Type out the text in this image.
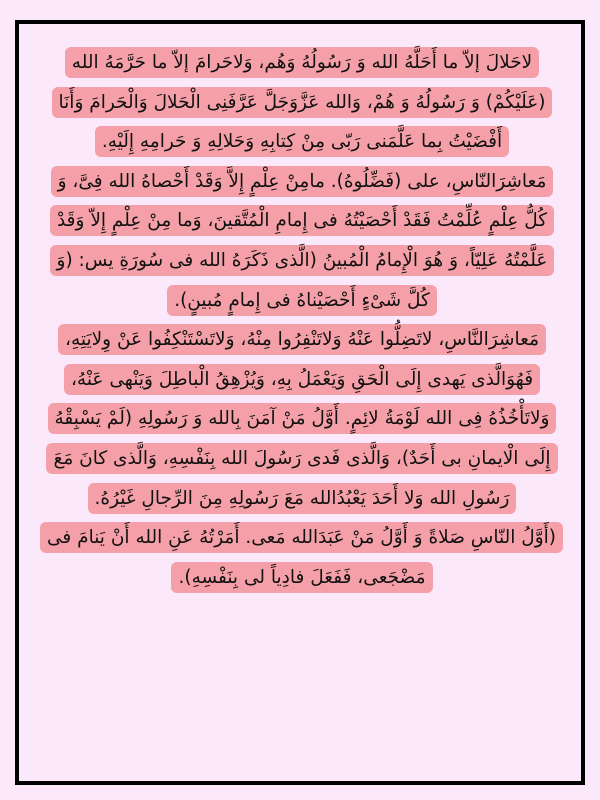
لاحَلالَ إلاّ ما أَحَلَّهُ الله وَ رَسُولُهُ وَهُم، وَلاحَرامَ إلاّ ما حَرَّمَهُ الله (عَلَيْكُمْ) وَ رَسُولُهُ وَ هُمْ، وَالله عَزَّوَجَلَّ عَرَّفَنِى الْحَلالَ وَالْحَرامَ وَأَنَا أَفْضَيْتُ بِما عَلَّمَنى رَبّى مِنْ كِتابِهِ وَحَلالِهِ وَ حَرامِهِ إِلَيْهِ.

مَعاشِرَالنّاسِ، على (فَضِّلُوهُ). مامِنْ عِلْمٍ إِلاَّ وَقَدْ أَحْصاهُ الله فِىَّ، وَ كُلُّ عِلْمٍ عُلِّمْتُ فَقَدْ أَحْصَيْتُهُ فى إِمامِ الْمُتَّقينَ، وَما مِنْ عِلْمٍ إِلاّ وَقَدْ عَلَّمْتُهُ عَلِيّاً، وَ هُوَ الْإِمامُ الْمُبينُ (الَّذى ذَكَرَهُ الله فى سُورَةِ يس: (وَ كُلَّ شَىْءٍ أَحْصَيْناهُ فى إِمامٍ مُبينٍ).

مَعاشِرَالنَّاسِ، لاتَضِلُّوا عَنْهُ وَلاتَنْفِرُوا مِنْهُ، وَلاتَسْتَنْكِفُوا عَنْ وِلايَتِهِ، فَهُوَالَّذى يَهدى إِلَى الْحَقِ وَيَعْمَلُ بِهِ، وَيُزْهِقُ الْباطِلَ وَيَنْهى عَنْهُ، وَلاتَأْخُذُهُ فِى الله لَوْمَةُ لائِمٍ. أَوَّلُ مَنْ آمَنَ بِالله وَ رَسُولِهِ (لَمْ يَسْبِقْهُ إِلَى الْايمانِ بى أَحَدٌ)، وَالَّذى فَدى رَسُولَ الله بِنَفْسِهِ، وَالَّذى كانَ مَعَ رَسُولِ الله وَلا أَحَدَ يَعْبُدُالله مَعَ رَسُولِهِ مِنَ الرِّجالِ غَيْرُهُ.

(أَوَّلُ النّاسِ صَلاةً وَ أَوَّلُ مَنْ عَبَدَالله مَعى. أَمَرْتُهُ عَنِ الله أَنْ يَنامَ فى مَضْجَعى، فَفَعَلَ فادِياً لى بِنَفْسِهِ).
